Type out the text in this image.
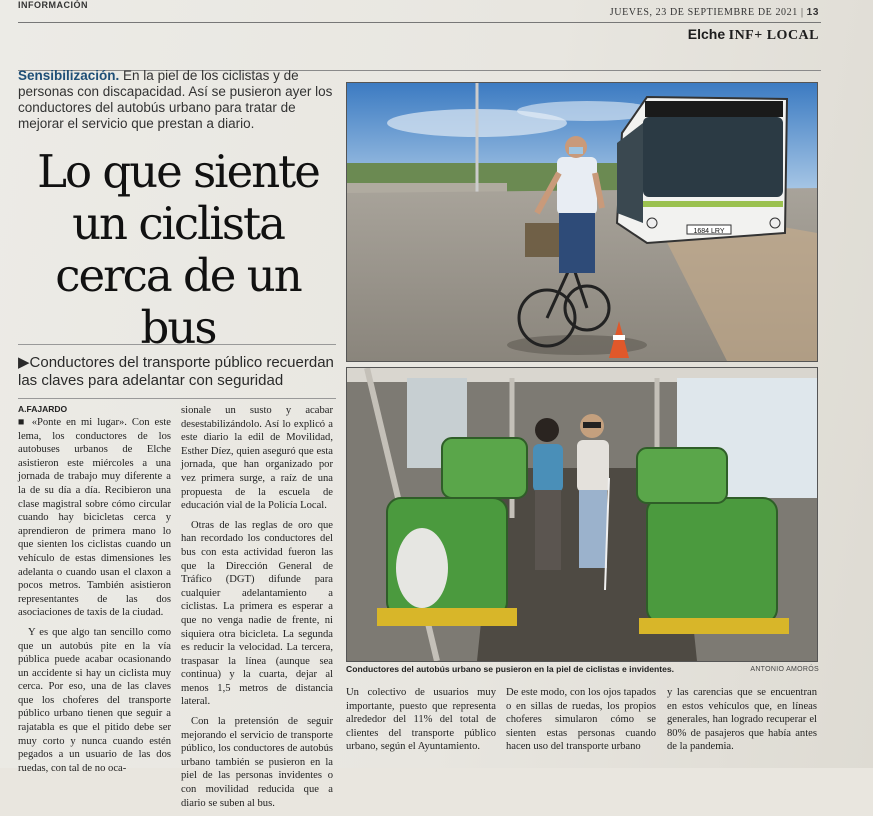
INFORMACIÓN
JUEVES, 23 DE SEPTIEMBRE DE 2021 | 13
Elche INF+ LOCAL
Sensibilización. En la piel de los ciclistas y de personas con discapacidad. Así se pusieron ayer los conductores del autobús urbano para tratar de mejorar el servicio que prestan a diario.
Lo que siente
un ciclista
cerca de un bus
▶Conductores del transporte público recuerdan las claves para adelantar con seguridad
A.FAJARDO

■ «Ponte en mi lugar». Con este lema, los conductores de los autobuses urbanos de Elche asistieron este miércoles a una jornada de trabajo muy diferente a la de su día a día. Recibieron una clase magistral sobre cómo circular cuando hay bicicletas cerca y aprendieron de primera mano lo que sienten los ciclistas cuando un vehículo de estas dimensiones les adelanta o cuando usan el claxon a pocos metros. También asistieron representantes de las dos asociaciones de taxis de la ciudad.

Y es que algo tan sencillo como que un autobús pite en la vía pública puede acabar ocasionando un accidente si hay un ciclista muy cerca. Por eso, una de las claves que los choferes del transporte público urbano tienen que seguir a rajatabla es que el pitido debe ser muy corto y nunca cuando estén pegados a un usuario de las dos ruedas, con tal de no oca-

sionale un susto y acabar desestabilizándolo. Así lo explicó a este diario la edil de Movilidad, Esther Díez, quien aseguró que esta jornada, que han organizado por vez primera surge, a raíz de una propuesta de la escuela de educación vial de la Policía Local.

Otras de las reglas de oro que han recordado los conductores del bus con esta actividad fueron las que la Dirección General de Tráfico (DGT) difunde para cualquier adelantamiento a ciclistas. La primera es esperar a que no venga nadie de frente, ni siquiera otra bicicleta. La segunda es reducir la velocidad. La tercera, traspasar la línea (aunque sea continua) y la cuarta, dejar al menos 1,5 metros de distancia lateral.

Con la pretensión de seguir mejorando el servicio de transporte público, los conductores de autobús urbano también se pusieron en la piel de las personas invidentes o con movilidad reducida que a diario se suben al bus.

1684 LRY
Conductores del autobús urbano se pusieron en la piel de ciclistas e invidentes.	ANTONIO AMORÓS

Un colectivo de usuarios muy importante, puesto que representa alrededor del 11% del total de clientes del transporte público urbano, según el Ayuntamiento.

De este modo, con los ojos tapados o en sillas de ruedas, los propios choferes simularon cómo se sienten estas personas cuando hacen uso del transporte urbano

y las carencias que se encuentran en estos vehículos que, en líneas generales, han logrado recuperar el 80% de pasajeros que había antes de la pandemia.
